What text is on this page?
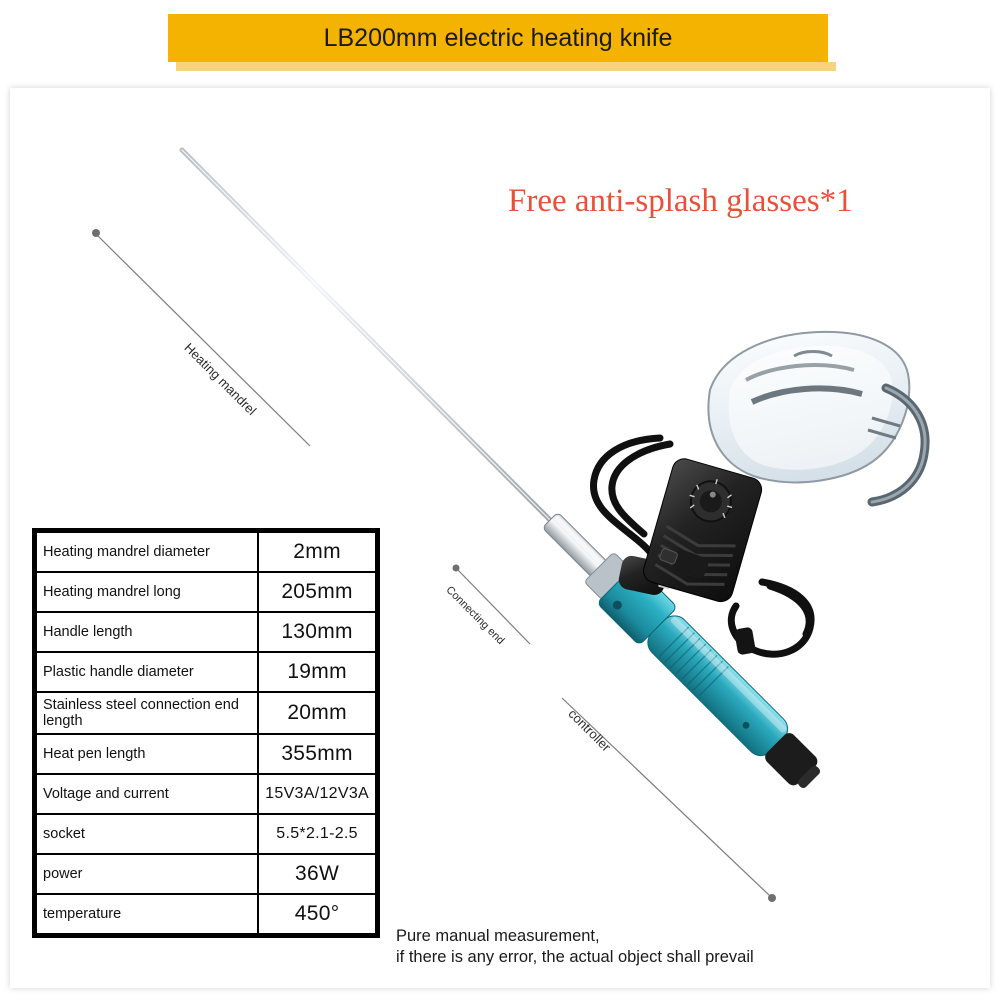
LB200mm electric heating knife
Free anti-splash glasses*1
Heating mandrel
Connecting end
controller
Heating mandrel diameter	2mm
Heating mandrel long	205mm
Handle length	130mm
Plastic handle diameter	19mm
Stainless steel connection end length	20mm
Heat pen length	355mm
Voltage and current	15V3A/12V3A
socket	5.5*2.1-2.5
power	36W
temperature	450°
Pure manual measurement,
if there is any error, the actual object shall prevail
